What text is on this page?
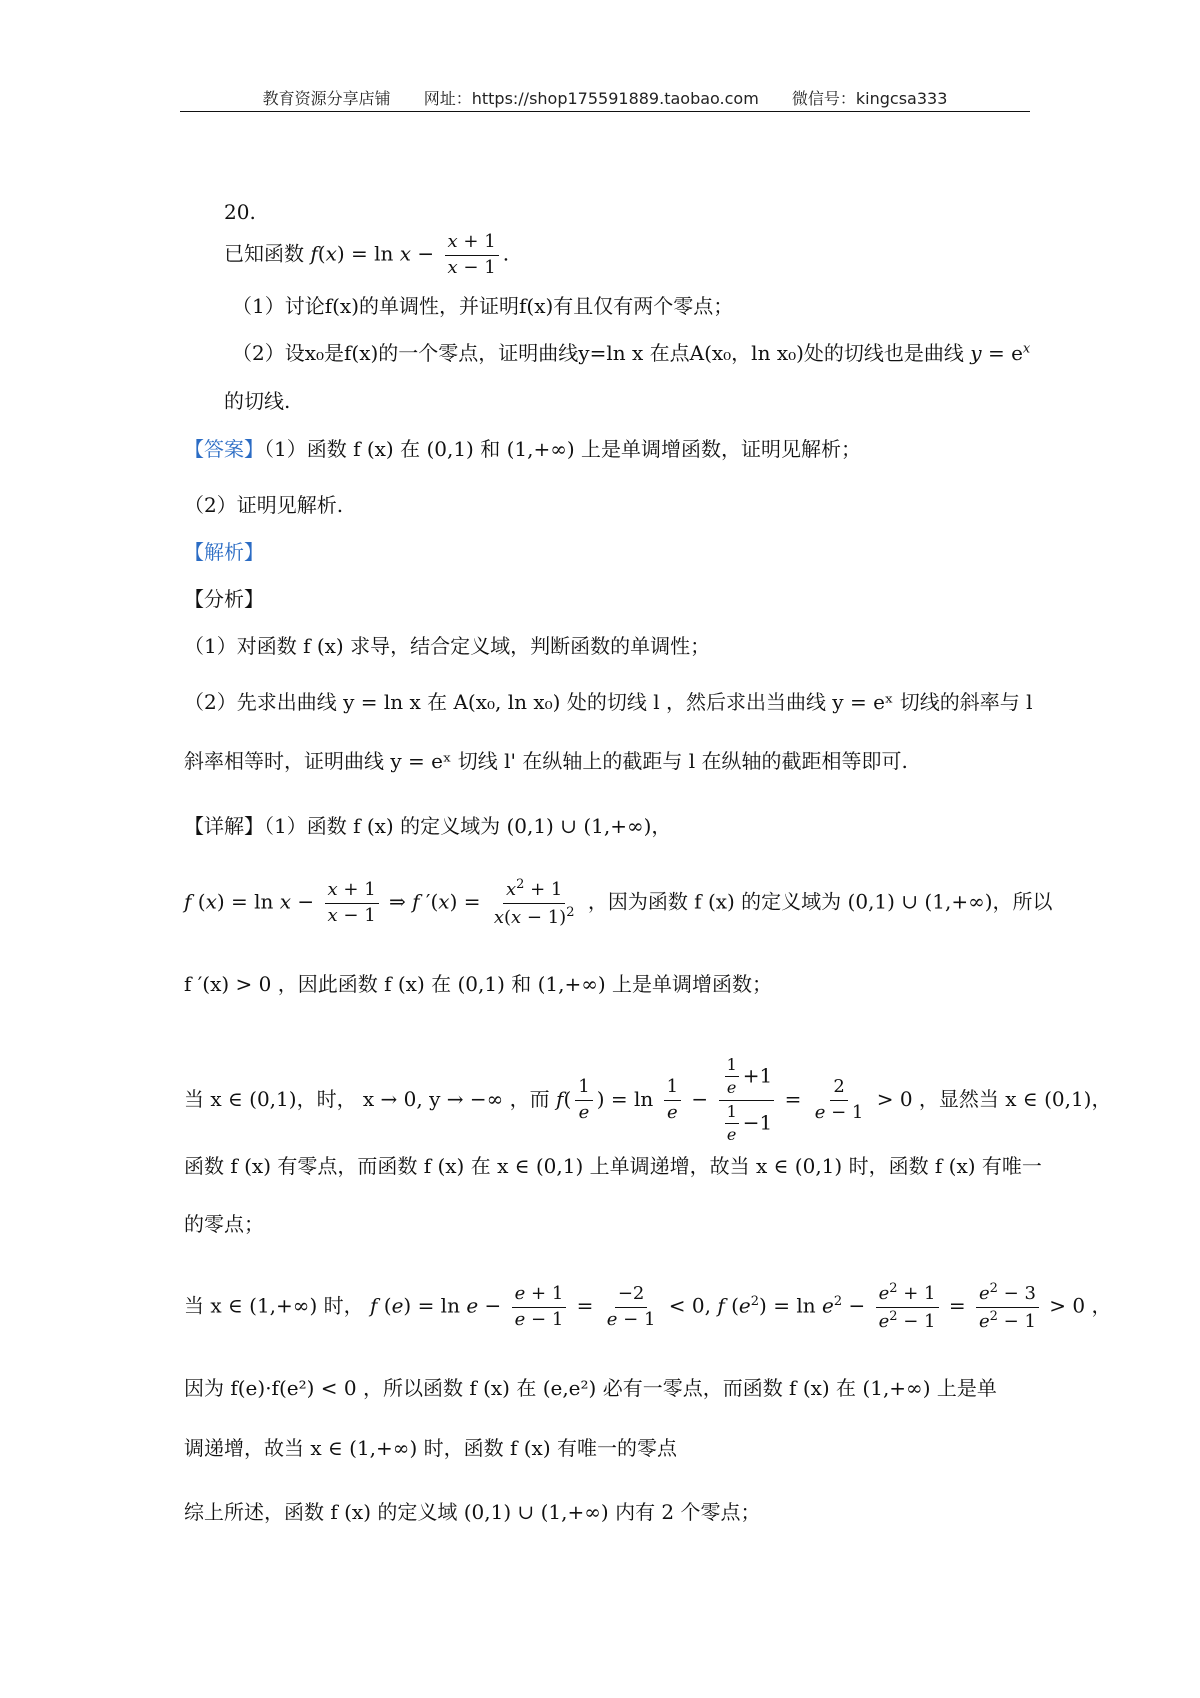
教育资源分享店铺 网址：https://shop175591889.taobao.com 微信号：kingcsa333
20.
已知函数 $f(x) = \ln x - \frac{x + 1}{x - 1}$ .
（1）讨论f(x)的单调性，并证明f(x)有且仅有两个零点；
（2）设x₀是f(x)的一个零点，证明曲线y=ln x 在点A(x₀，ln x₀)处的切线也是曲线 $y = e^x$
的切线.
【答案】（1）函数 f (x) 在 (0,1) 和 (1,+∞) 上是单调增函数，证明见解析；
（2）证明见解析.
【解析】
【分析】
（1）对函数 f (x) 求导，结合定义域，判断函数的单调性；
（2）先求出曲线 y = ln x 在 A(x₀, ln x₀) 处的切线 l ，然后求出当曲线 y = eˣ 切线的斜率与 l
斜率相等时，证明曲线 y = eˣ 切线 l' 在纵轴上的截距与 l 在纵轴的截距相等即可.
【详解】（1）函数 f (x) 的定义域为 (0,1) ∪ (1,+∞)，
f $(x) = \ln x - \frac{x + 1}{x - 1}$ ⇒ f $'(x) = \frac{x^2 + 1}{x(x - 1)^2}$ ，因为函数 f (x) 的定义域为 (0,1) ∪ (1,+∞)，所以
f ′(x) > 0 ，因此函数 f (x) 在 (0,1) 和 (1,+∞) 上是单调增函数；
当 x ∈ (0,1)，时， x → 0, y → −∞ ，而 $f( \frac{1}{e}$ ) = $\ln \frac{1}{e} - \frac{\frac{1}{e} +1}{\frac{1}{e} -1} = \frac{2}{e - 1} > 0$ ，显然当 x ∈ (0,1)，
函数 f (x) 有零点，而函数 f (x) 在 x ∈ (0,1) 上单调递增，故当 x ∈ (0,1) 时，函数 f (x) 有唯一
的零点；
当 x ∈ (1,+∞) 时， f $(e) = \ln e - \frac{e + 1}{e - 1} = \frac{-2}{e - 1} < 0$, f $(e^2) = \ln e^2 - \frac{e^2 + 1}{e^2 - 1} = \frac{e^2 - 3}{e^2 - 1} > 0$ ，
因为 f(e)·f(e²) < 0 ，所以函数 f (x) 在 (e,e²) 必有一零点，而函数 f (x) 在 (1,+∞) 上是单
调递增，故当 x ∈ (1,+∞) 时，函数 f (x) 有唯一的零点
综上所述，函数 f (x) 的定义域 (0,1) ∪ (1,+∞) 内有 2 个零点；
